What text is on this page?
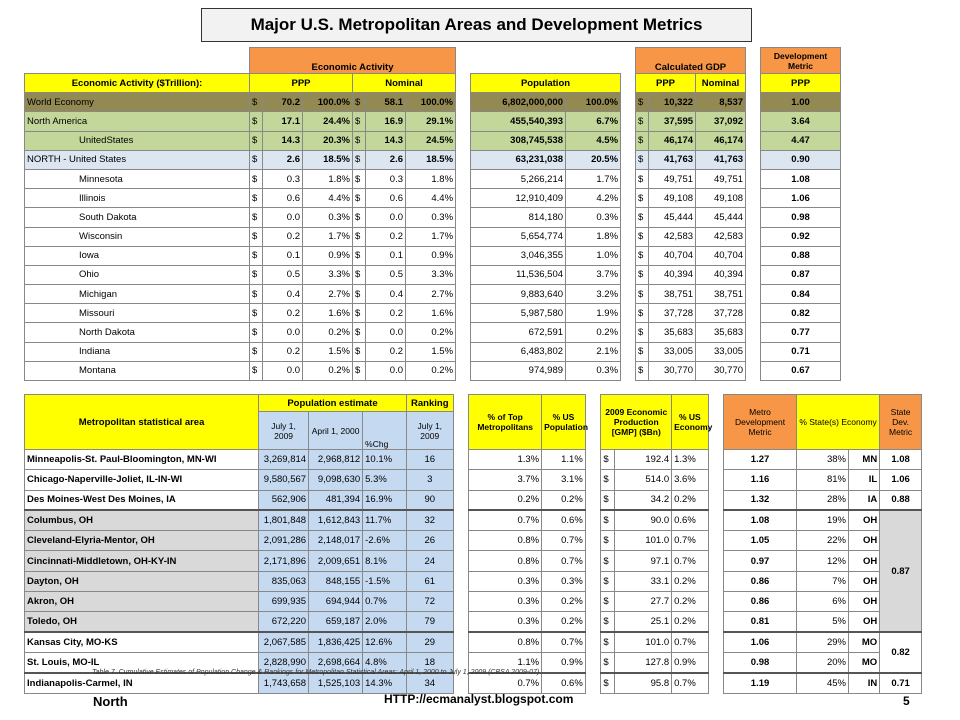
Major U.S. Metropolitan Areas and Development Metrics
	Economic Activity										Calculated GDP				Development Metric
Economic Activity ($Trillion):	PPP			Nominal				Population			PPP		Nominal		PPP
World Economy	$	70.2	100.0%	$	58.1	100.0%		6,802,000,000	100.0%		$	10,322	8,537		1.00
North America	$	17.1	24.4%	$	16.9	29.1%		455,540,393	6.7%		$	37,595	37,092		3.64
UnitedStates	$	14.3	20.3%	$	14.3	24.5%		308,745,538	4.5%		$	46,174	46,174		4.47
NORTH - United States	$	2.6	18.5%	$	2.6	18.5%		63,231,038	20.5%		$	41,763	41,763		0.90
Minnesota	$	0.3	1.8%	$	0.3	1.8%		5,266,214	1.7%		$	49,751	49,751		1.08
Illinois	$	0.6	4.4%	$	0.6	4.4%		12,910,409	4.2%		$	49,108	49,108		1.06
South Dakota	$	0.0	0.3%	$	0.0	0.3%		814,180	0.3%		$	45,444	45,444		0.98
Wisconsin	$	0.2	1.7%	$	0.2	1.7%		5,654,774	1.8%		$	42,583	42,583		0.92
Iowa	$	0.1	0.9%	$	0.1	0.9%		3,046,355	1.0%		$	40,704	40,704		0.88
Ohio	$	0.5	3.3%	$	0.5	3.3%		11,536,504	3.7%		$	40,394	40,394		0.87
Michigan	$	0.4	2.7%	$	0.4	2.7%		9,883,640	3.2%		$	38,751	38,751		0.84
Missouri	$	0.2	1.6%	$	0.2	1.6%		5,987,580	1.9%		$	37,728	37,728		0.82
North Dakota	$	0.0	0.2%	$	0.0	0.2%		672,591	0.2%		$	35,683	35,683		0.77
Indiana	$	0.2	1.5%	$	0.2	1.5%		6,483,802	2.1%		$	33,005	33,005		0.71
Montana	$	0.0	0.2%	$	0.0	0.2%		974,989	0.3%		$	30,770	30,770		0.67
Metropolitan statistical area	Population estimate			Ranking		% of Top Metropolitans	% US Population		2009 Economic Production [GMP] ($Bn)		% US Economy		Metro Development Metric	% State(s) Economy		State Dev. Metric
	July 1, 2009	April 1, 2000	%Chg	July 1, 2009												
Minneapolis-St. Paul-Bloomington, MN-WI	3,269,814	2,968,812	10.1%	16		1.3%	1.1%		$	192.4	1.3%		1.27	38%	MN	1.08
Chicago-Naperville-Joliet, IL-IN-WI	9,580,567	9,098,630	5.3%	3		3.7%	3.1%		$	514.0	3.6%		1.16	81%	IL	1.06
Des Moines-West Des Moines, IA	562,906	481,394	16.9%	90		0.2%	0.2%		$	34.2	0.2%		1.32	28%	IA	0.88
Columbus, OH	1,801,848	1,612,843	11.7%	32		0.7%	0.6%		$	90.0	0.6%		1.08	19%	OH	0.87
Cleveland-Elyria-Mentor, OH	2,091,286	2,148,017	-2.6%	26		0.8%	0.7%		$	101.0	0.7%		1.05	22%	OH	
Cincinnati-Middletown, OH-KY-IN	2,171,896	2,009,651	8.1%	24		0.8%	0.7%		$	97.1	0.7%		0.97	12%	OH	
Dayton, OH	835,063	848,155	-1.5%	61		0.3%	0.3%		$	33.1	0.2%		0.86	7%	OH	
Akron, OH	699,935	694,944	0.7%	72		0.3%	0.2%		$	27.7	0.2%		0.86	6%	OH	
Toledo, OH	672,220	659,187	2.0%	79		0.3%	0.2%		$	25.1	0.2%		0.81	5%	OH	
Kansas City, MO-KS	2,067,585	1,836,425	12.6%	29		0.8%	0.7%		$	101.0	0.7%		1.06	29%	MO	0.82
St. Louis, MO-IL	2,828,990	2,698,664	4.8%	18		1.1%	0.9%		$	127.8	0.9%		0.98	20%	MO	
Indianapolis-Carmel, IN	1,743,658	1,525,103	14.3%	34		0.7%	0.6%		$	95.8	0.7%		1.19	45%	IN	0.71
Table 7. Cumulative Estimates of Population Change & Rankings for Metropolitan Statistical Areas: April 1, 2000 to July 1, 2009 (CBSA 2009-07)
North	HTTP://ecmanalyst.blogspot.com	5
